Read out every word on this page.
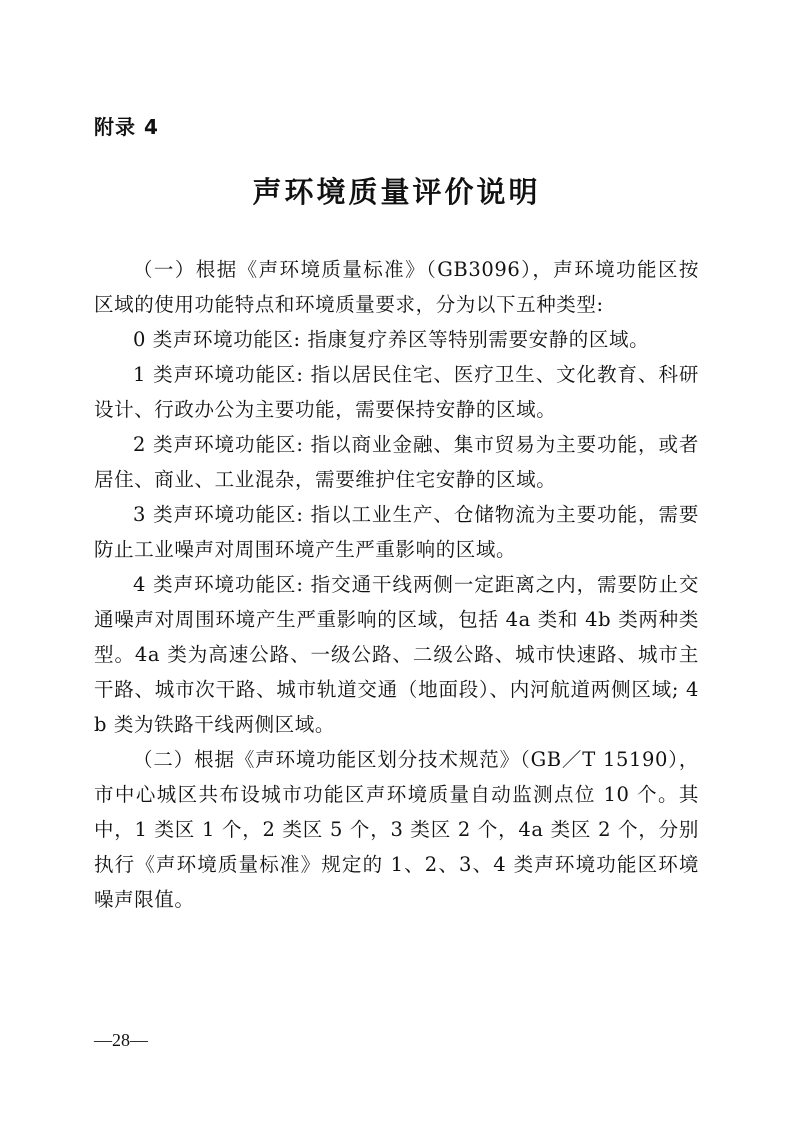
附录 4
声环境质量评价说明

（一）根据《声环境质量标准》（GB3096），声环境功能区按区域的使用功能特点和环境质量要求，分为以下五种类型:

0 类声环境功能区: 指康复疗养区等特别需要安静的区域。

1 类声环境功能区: 指以居民住宅、医疗卫生、文化教育、科研设计、行政办公为主要功能，需要保持安静的区域。

2 类声环境功能区: 指以商业金融、集市贸易为主要功能，或者居住、商业、工业混杂，需要维护住宅安静的区域。

3 类声环境功能区: 指以工业生产、仓储物流为主要功能，需要防止工业噪声对周围环境产生严重影响的区域。

4 类声环境功能区: 指交通干线两侧一定距离之内，需要防止交通噪声对周围环境产生严重影响的区域，包括 4a 类和 4b 类两种类型。4a 类为高速公路、一级公路、二级公路、城市快速路、城市主干路、城市次干路、城市轨道交通（地面段）、内河航道两侧区域; 4b 类为铁路干线两侧区域。

（二）根据《声环境功能区划分技术规范》（GB／T 15190），市中心城区共布设城市功能区声环境质量自动监测点位 10 个。其中，1 类区 1 个，2 类区 5 个，3 类区 2 个，4a 类区 2 个，分别执行《声环境质量标准》规定的 1、2、3、4 类声环境功能区环境噪声限值。

—28—
